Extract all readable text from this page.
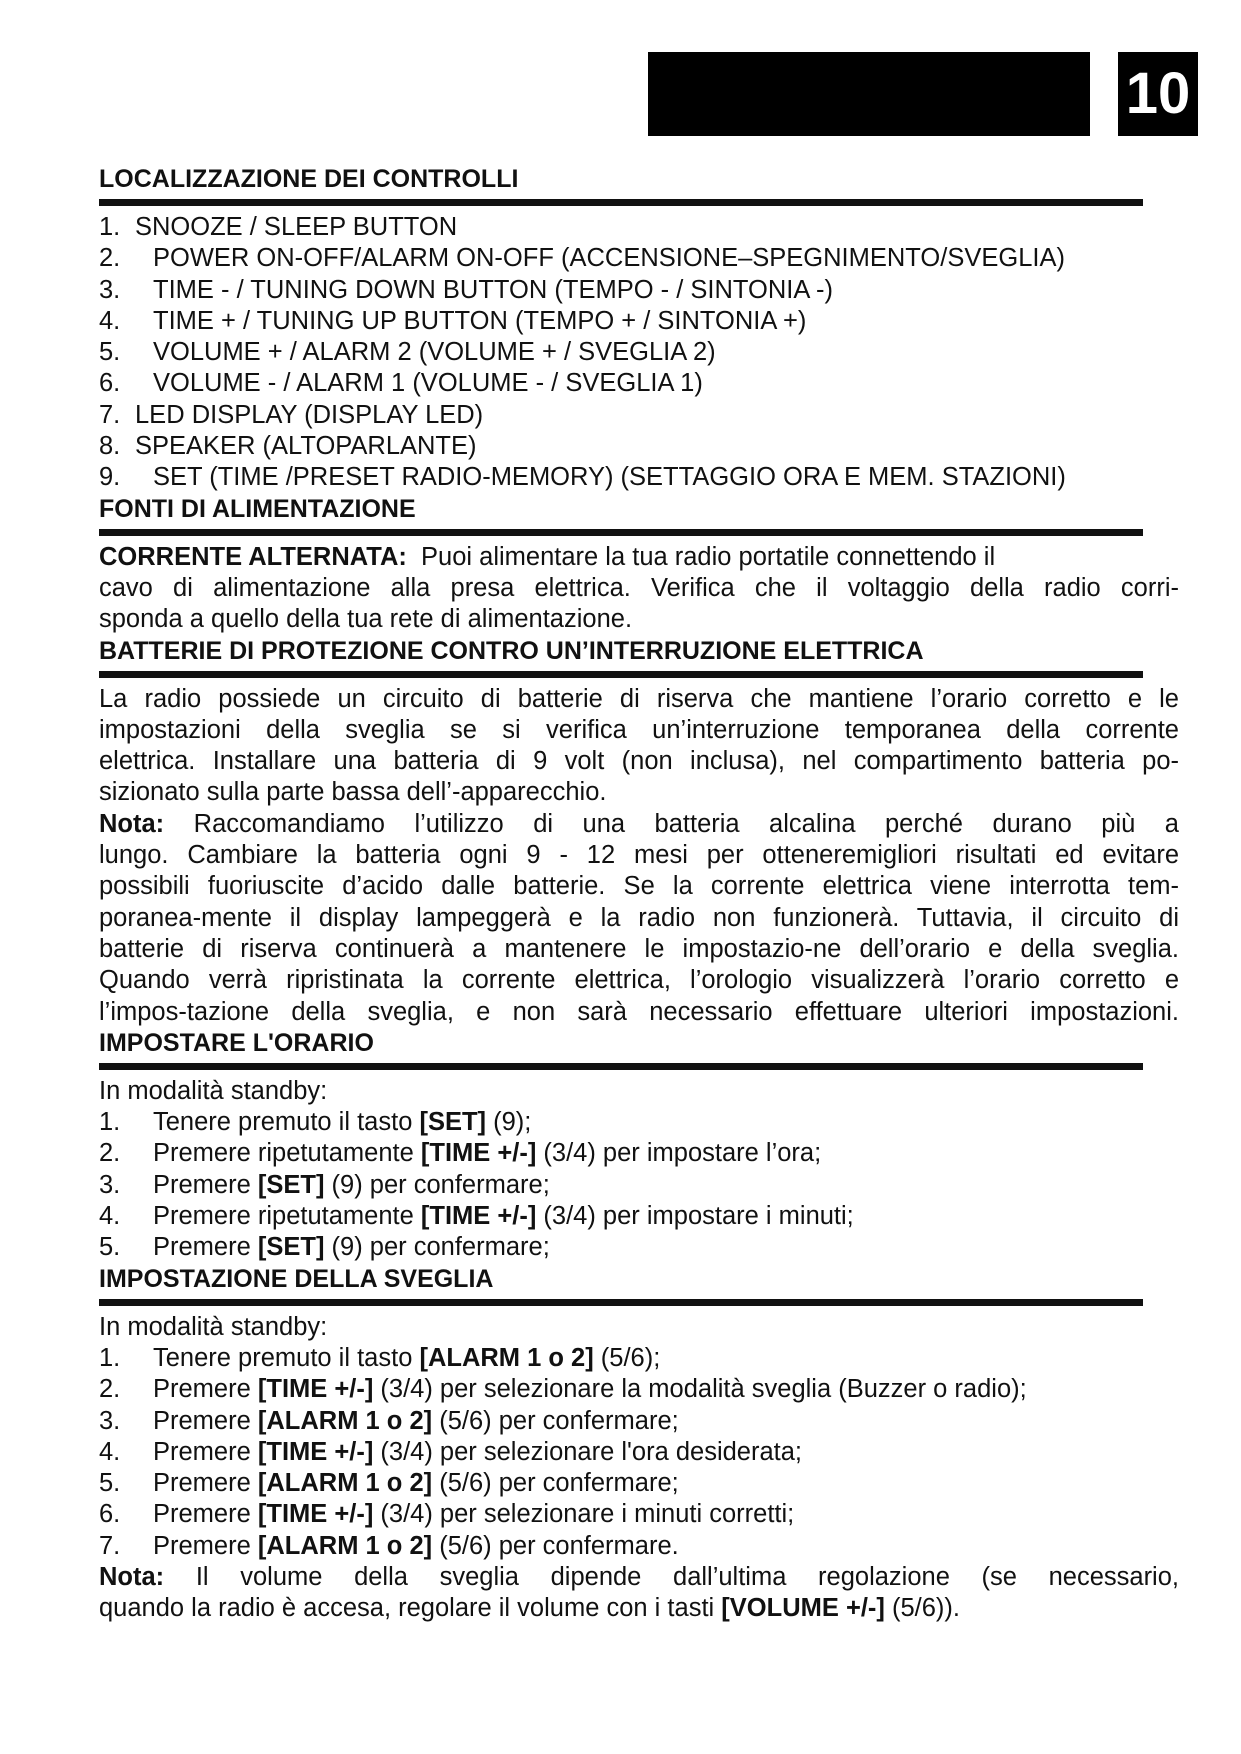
10
LOCALIZZAZIONE DEI CONTROLLI
1. SNOOZE / SLEEP BUTTON
2. POWER ON-OFF/ALARM ON-OFF (ACCENSIONE–SPEGNIMENTO/SVEGLIA)
3. TIME - / TUNING DOWN BUTTON (TEMPO - / SINTONIA -)
4. TIME + / TUNING UP BUTTON (TEMPO + / SINTONIA +)
5. VOLUME + / ALARM 2 (VOLUME + / SVEGLIA 2)
6. VOLUME - / ALARM 1 (VOLUME - / SVEGLIA 1)
7. LED DISPLAY (DISPLAY LED)
8. SPEAKER (ALTOPARLANTE)
9. SET (TIME /PRESET RADIO-MEMORY) (SETTAGGIO ORA E MEM. STAZIONI)
FONTI DI ALIMENTAZIONE
CORRENTE ALTERNATA: Puoi alimentare la tua radio portatile connettendo il
cavo di alimentazione alla presa elettrica. Verifica che il voltaggio della radio corri-
sponda a quello della tua rete di alimentazione.
BATTERIE DI PROTEZIONE CONTRO UN’INTERRUZIONE ELETTRICA
La radio possiede un circuito di batterie di riserva che mantiene l’orario corretto e le
impostazioni della sveglia se si verifica un’interruzione temporanea della corrente
elettrica. Installare una batteria di 9 volt (non inclusa), nel compartimento batteria po-
sizionato sulla parte bassa dell’-apparecchio.
Nota: Raccomandiamo l’utilizzo di una batteria alcalina perché durano più a
lungo. Cambiare la batteria ogni 9 - 12 mesi per otteneremigliori risultati ed evitare
possibili fuoriuscite d’acido dalle batterie. Se la corrente elettrica viene interrotta tem-
poranea-mente il display lampeggerà e la radio non funzionerà. Tuttavia, il circuito di
batterie di riserva continuerà a mantenere le impostazio-ne dell’orario e della sveglia.
Quando verrà ripristinata la corrente elettrica, l’orologio visualizzerà l’orario corretto e
l’impos-tazione della sveglia, e non sarà necessario effettuare ulteriori impostazioni.
IMPOSTARE L'ORARIO
In modalità standby:
1. Tenere premuto il tasto [SET] (9);
2. Premere ripetutamente [TIME +/-] (3/4) per impostare l’ora;
3. Premere [SET] (9) per confermare;
4. Premere ripetutamente [TIME +/-] (3/4) per impostare i minuti;
5. Premere [SET] (9) per confermare;
IMPOSTAZIONE DELLA SVEGLIA
In modalità standby:
1. Tenere premuto il tasto [ALARM 1 o 2] (5/6);
2. Premere [TIME +/-] (3/4) per selezionare la modalità sveglia (Buzzer o radio);
3. Premere [ALARM 1 o 2] (5/6) per confermare;
4. Premere [TIME +/-] (3/4) per selezionare l'ora desiderata;
5. Premere [ALARM 1 o 2] (5/6) per confermare;
6. Premere [TIME +/-] (3/4) per selezionare i minuti corretti;
7. Premere [ALARM 1 o 2] (5/6) per confermare.
Nota: Il volume della sveglia dipende dall’ultima regolazione (se necessario,
quando la radio è accesa, regolare il volume con i tasti [VOLUME +/-] (5/6)).
